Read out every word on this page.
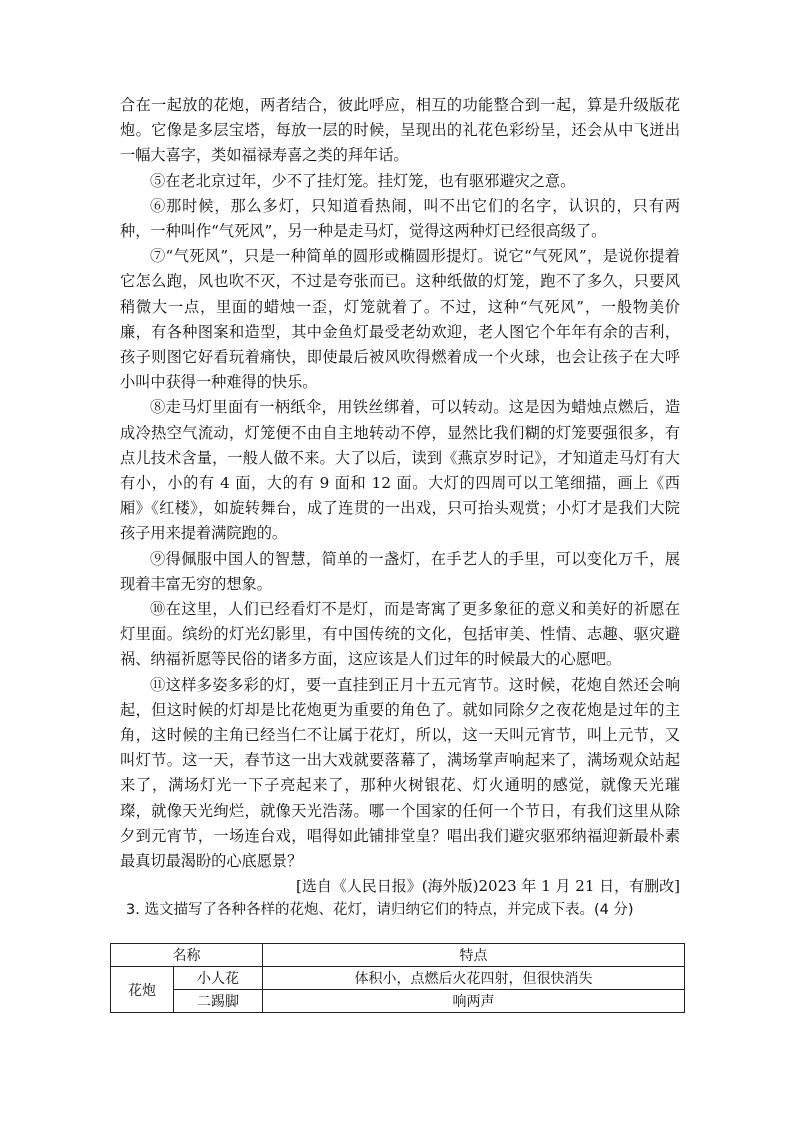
合在一起放的花炮，两者结合，彼此呼应，相互的功能整合到一起，算是升级版花炮。它像是多层宝塔，每放一层的时候，呈现出的礼花色彩纷呈，还会从中飞迸出一幅大喜字，类如福禄寿喜之类的拜年话。

⑤在老北京过年，少不了挂灯笼。挂灯笼，也有驱邪避灾之意。

⑥那时候，那么多灯，只知道看热闹，叫不出它们的名字，认识的，只有两种，一种叫作“气死风”，另一种是走马灯，觉得这两种灯已经很高级了。

⑦“气死风”，只是一种简单的圆形或椭圆形提灯。说它“气死风”，是说你提着它怎么跑，风也吹不灭，不过是夸张而已。这种纸做的灯笼，跑不了多久，只要风稍微大一点，里面的蜡烛一歪，灯笼就着了。不过，这种“气死风”，一般物美价廉，有各种图案和造型，其中金鱼灯最受老幼欢迎，老人图它个年年有余的吉利，孩子则图它好看玩着痛快，即使最后被风吹得燃着成一个火球，也会让孩子在大呼小叫中获得一种难得的快乐。

⑧走马灯里面有一柄纸伞，用铁丝绑着，可以转动。这是因为蜡烛点燃后，造成冷热空气流动，灯笼便不由自主地转动不停，显然比我们糊的灯笼要强很多，有点儿技术含量，一般人做不来。大了以后，读到《燕京岁时记》，才知道走马灯有大有小，小的有 4 面，大的有 9 面和 12 面。大灯的四周可以工笔细描，画上《西厢》《红楼》，如旋转舞台，成了连贯的一出戏，只可抬头观赏；小灯才是我们大院孩子用来提着满院跑的。

⑨得佩服中国人的智慧，简单的一盏灯，在手艺人的手里，可以变化万千，展现着丰富无穷的想象。

⑩在这里，人们已经看灯不是灯，而是寄寓了更多象征的意义和美好的祈愿在灯里面。缤纷的灯光幻影里，有中国传统的文化，包括审美、性情、志趣、驱灾避祸、纳福祈愿等民俗的诸多方面，这应该是人们过年的时候最大的心愿吧。

⑪这样多姿多彩的灯，要一直挂到正月十五元宵节。这时候，花炮自然还会响起，但这时候的灯却是比花炮更为重要的角色了。就如同除夕之夜花炮是过年的主角，这时候的主角已经当仁不让属于花灯，所以，这一天叫元宵节，叫上元节，又叫灯节。这一天，春节这一出大戏就要落幕了，满场掌声响起来了，满场观众站起来了，满场灯光一下子亮起来了，那种火树银花、灯火通明的感觉，就像天光璀璨，就像天光绚烂，就像天光浩荡。哪一个国家的任何一个节日，有我们这里从除夕到元宵节，一场连台戏，唱得如此铺排堂皇？唱出我们避灾驱邪纳福迎新最朴素最真切最渴盼的心底愿景？

[选自《人民日报》(海外版)2023 年 1 月 21 日，有删改]

3. 选文描写了各种各样的花炮、花灯，请归纳它们的特点，并完成下表。(4 分)

名称		特点
花炮	小人花	体积小，点燃后火花四射，但很快消失
	二踢脚	响两声
